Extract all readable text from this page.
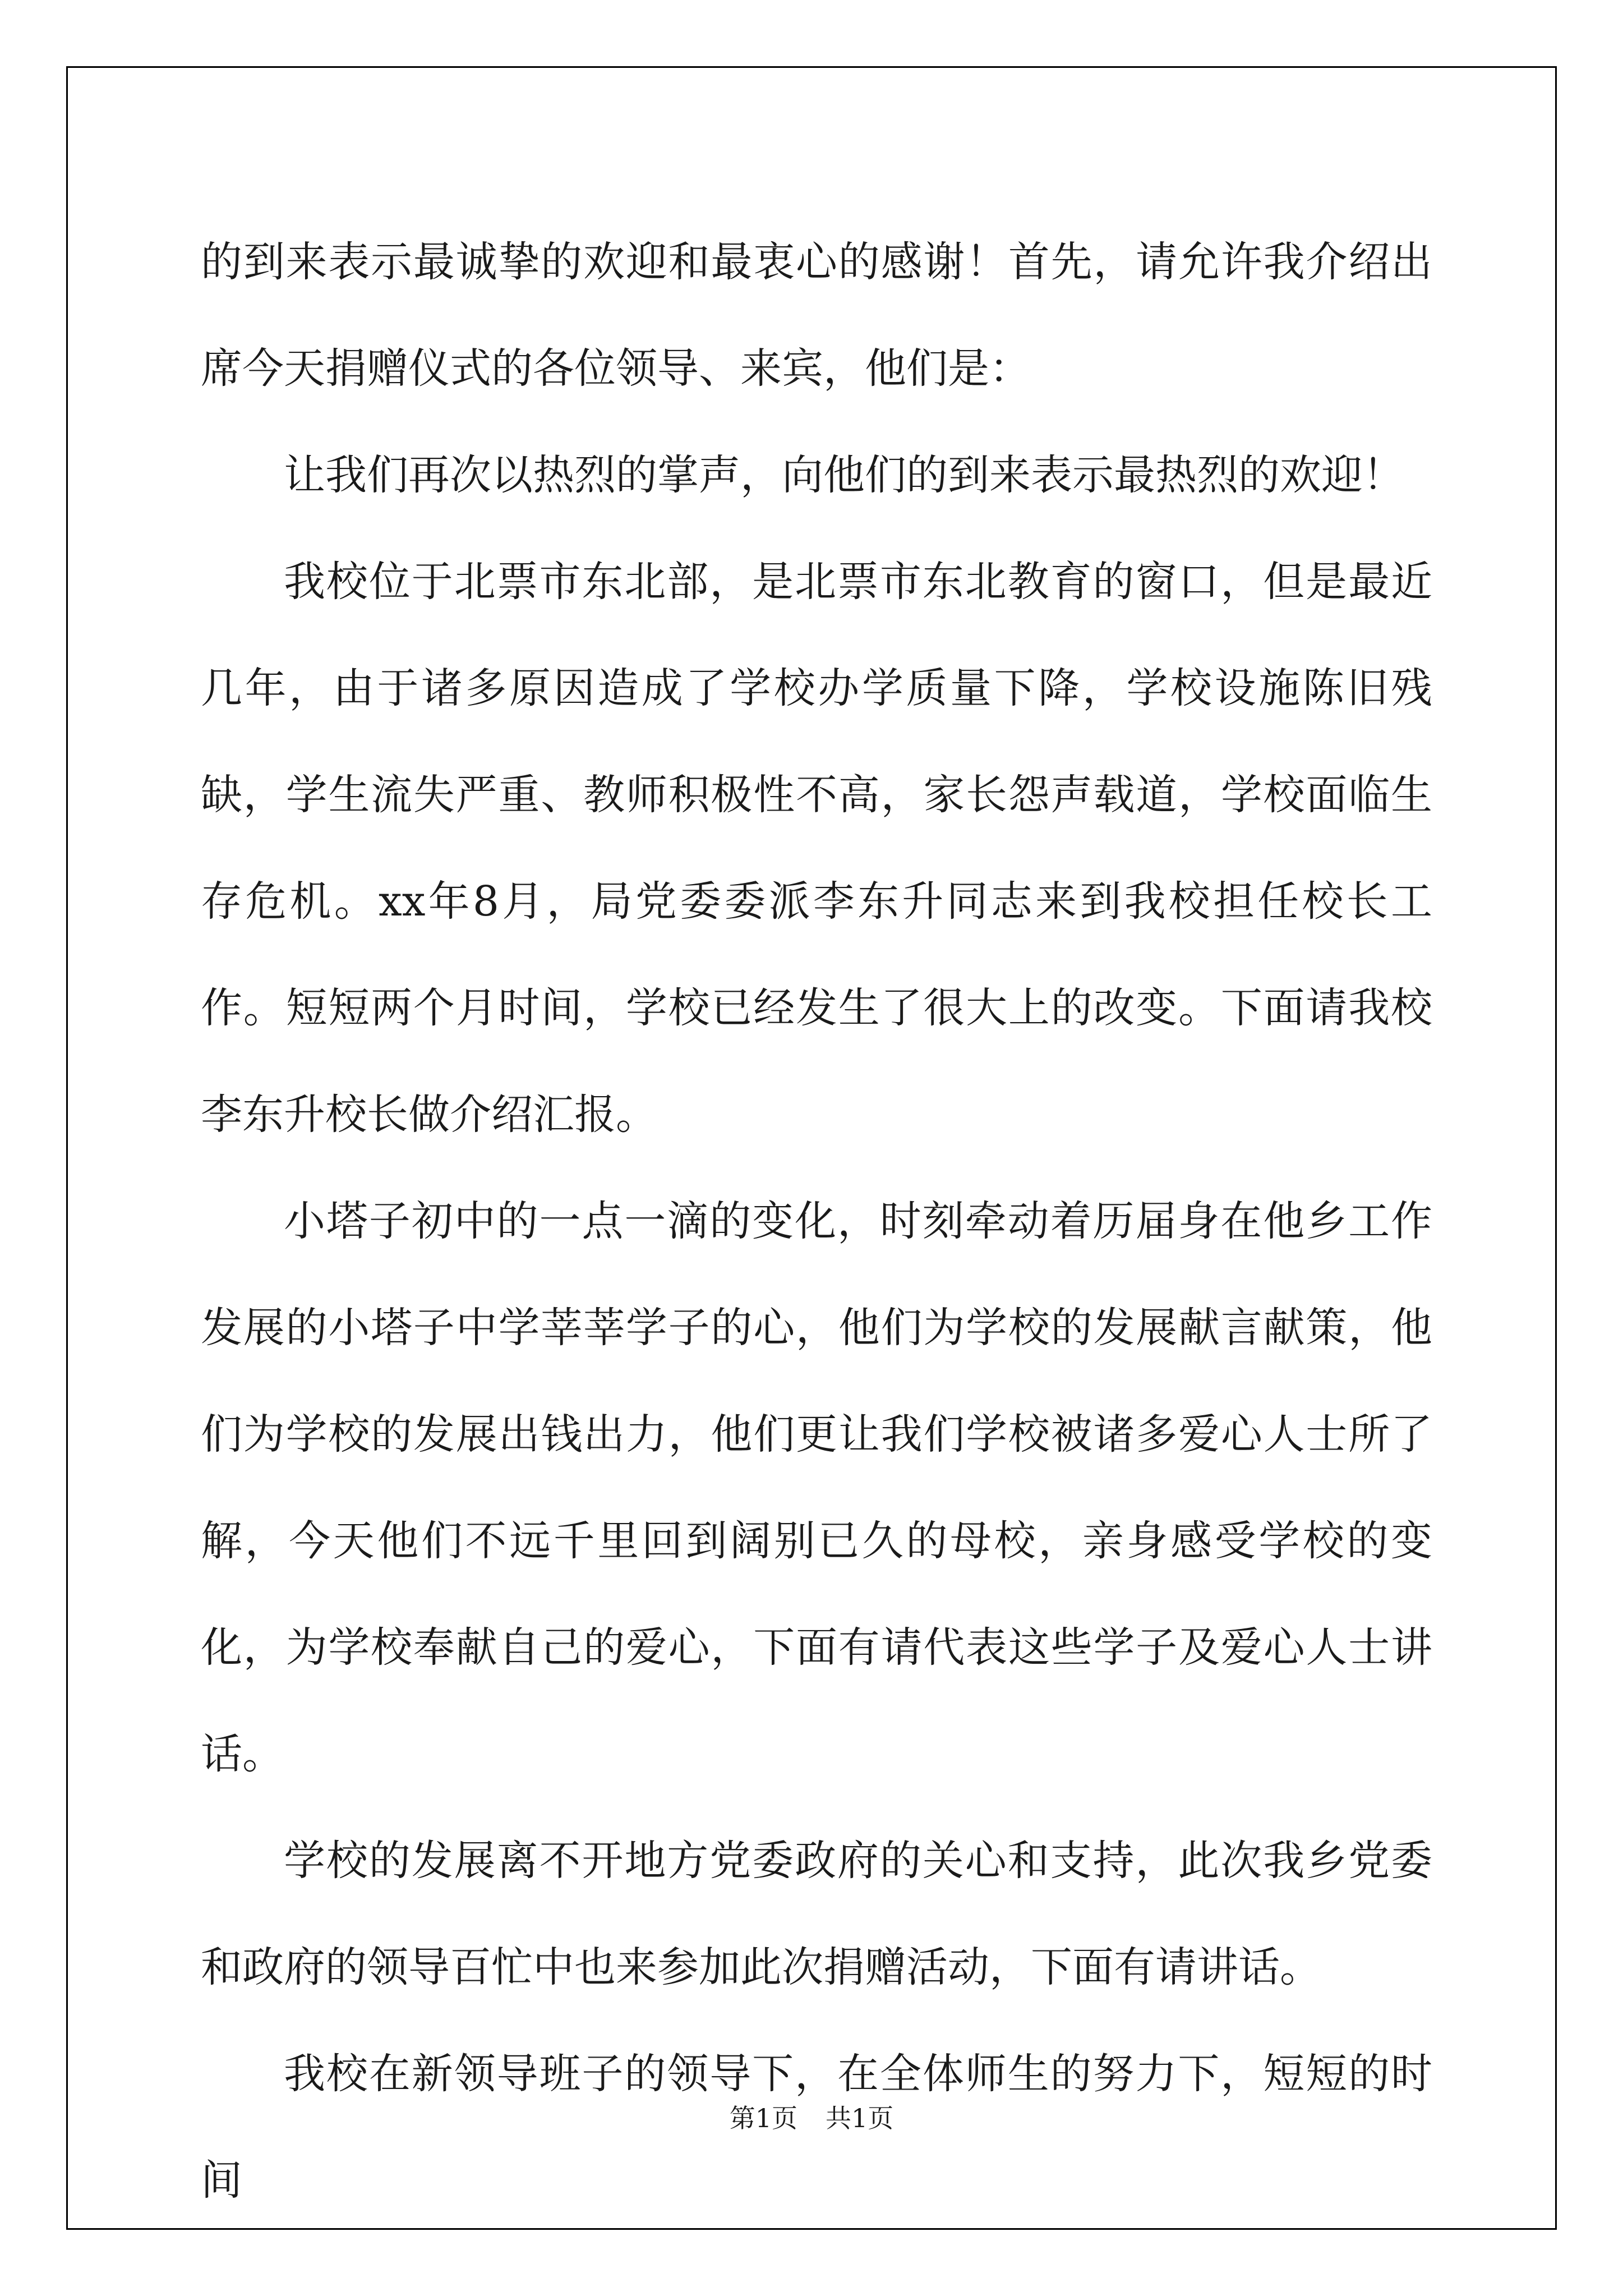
的到来表示最诚挚的欢迎和最衷心的感谢！首先，请允许我介绍出席今天捐赠仪式的各位领导、来宾，他们是：

让我们再次以热烈的掌声，向他们的到来表示最热烈的欢迎！

我校位于北票市东北部，是北票市东北教育的窗口，但是最近几年，由于诸多原因造成了学校办学质量下降，学校设施陈旧残缺，学生流失严重、教师积极性不高，家长怨声载道，学校面临生存危机。xx年8月，局党委委派李东升同志来到我校担任校长工作。短短两个月时间，学校已经发生了很大上的改变。下面请我校李东升校长做介绍汇报。

小塔子初中的一点一滴的变化，时刻牵动着历届身在他乡工作发展的小塔子中学莘莘学子的心，他们为学校的发展献言献策，他们为学校的发展出钱出力，他们更让我们学校被诸多爱心人士所了解，今天他们不远千里回到阔别已久的母校，亲身感受学校的变化，为学校奉献自己的爱心，下面有请代表这些学子及爱心人士讲话。

学校的发展离不开地方党委政府的关心和支持，此次我乡党委和政府的领导百忙中也来参加此次捐赠活动，下面有请讲话。

我校在新领导班子的领导下，在全体师生的努力下，短短的时间

第1页 共1页
